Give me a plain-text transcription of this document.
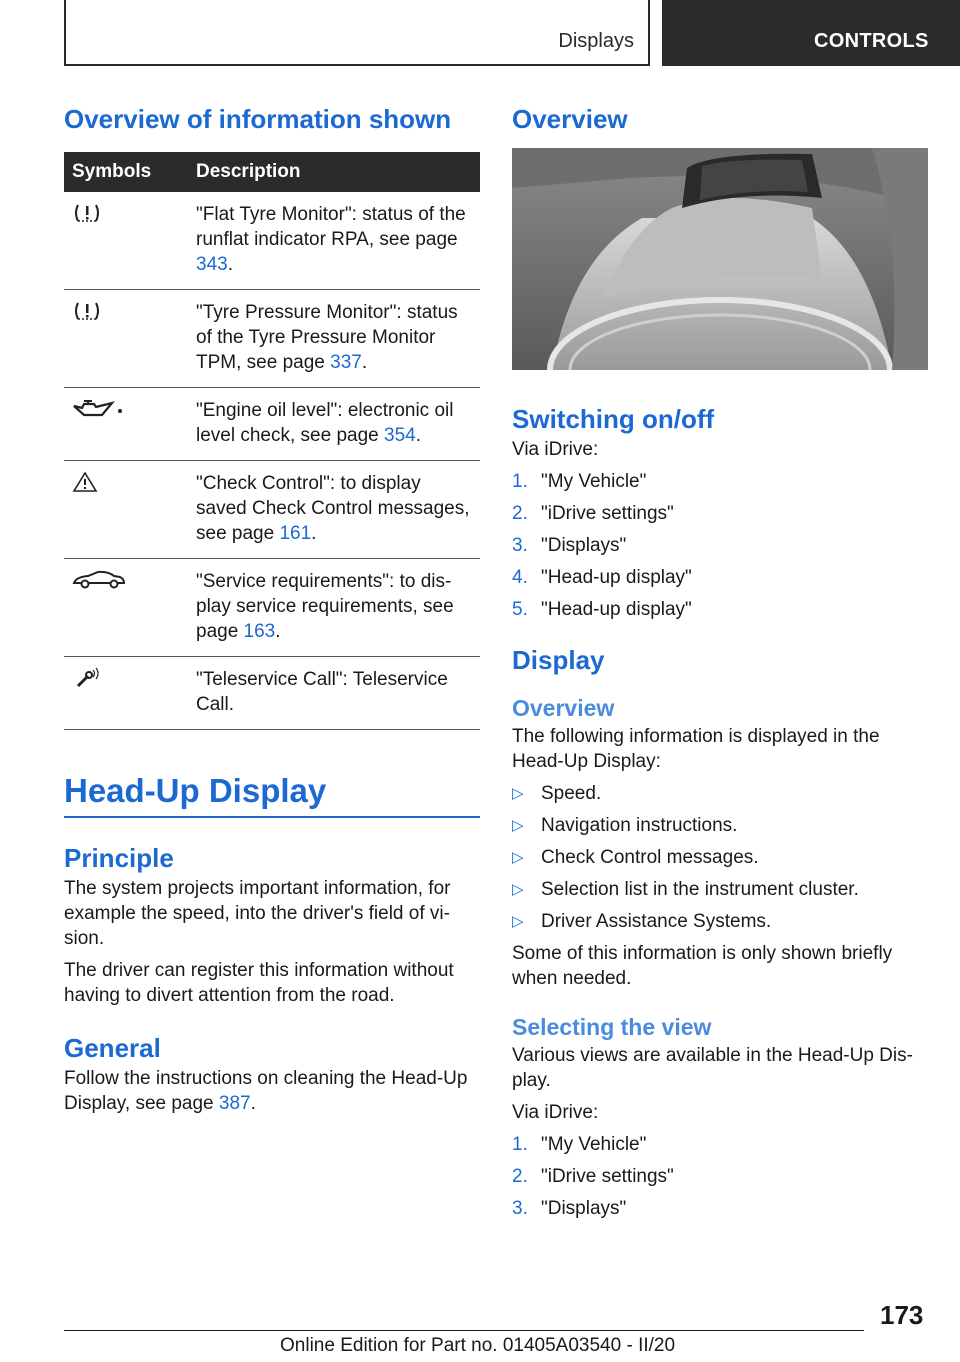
Displays	CONTROLS
Overview of information shown
Symbols	Description
	"Flat Tyre Monitor": status of the runflat indicator RPA, see page 343.
	"Tyre Pressure Monitor": status of the Tyre Pressure Monitor TPM, see page 337.
	"Engine oil level": electronic oil level check, see page 354.
	"Check Control": to display saved Check Control messages, see page 161.
	"Service requirements": to dis-play service requirements, see page 163.
	"Teleservice Call": Teleservice Call.
Head-Up Display
Principle

The system projects important information, for example the speed, into the driver's field of vi-sion.

The driver can register this information without having to divert attention from the road.

General

Follow the instructions on cleaning the Head-Up Display, see page 387.

Overview
Switching on/off

Via iDrive:

1. "My Vehicle"
2. "iDrive settings"
3. "Displays"
4. "Head-up display"
5. "Head-up display"
Display
Overview

The following information is displayed in the Head-Up Display:

▷ Speed.
▷ Navigation instructions.
▷ Check Control messages.
▷ Selection list in the instrument cluster.
▷ Driver Assistance Systems.

Some of this information is only shown briefly when needed.

Selecting the view

Various views are available in the Head-Up Dis-play.

Via iDrive:

1. "My Vehicle"
2. "iDrive settings"
3. "Displays"
173
Online Edition for Part no. 01405A03540 - II/20
